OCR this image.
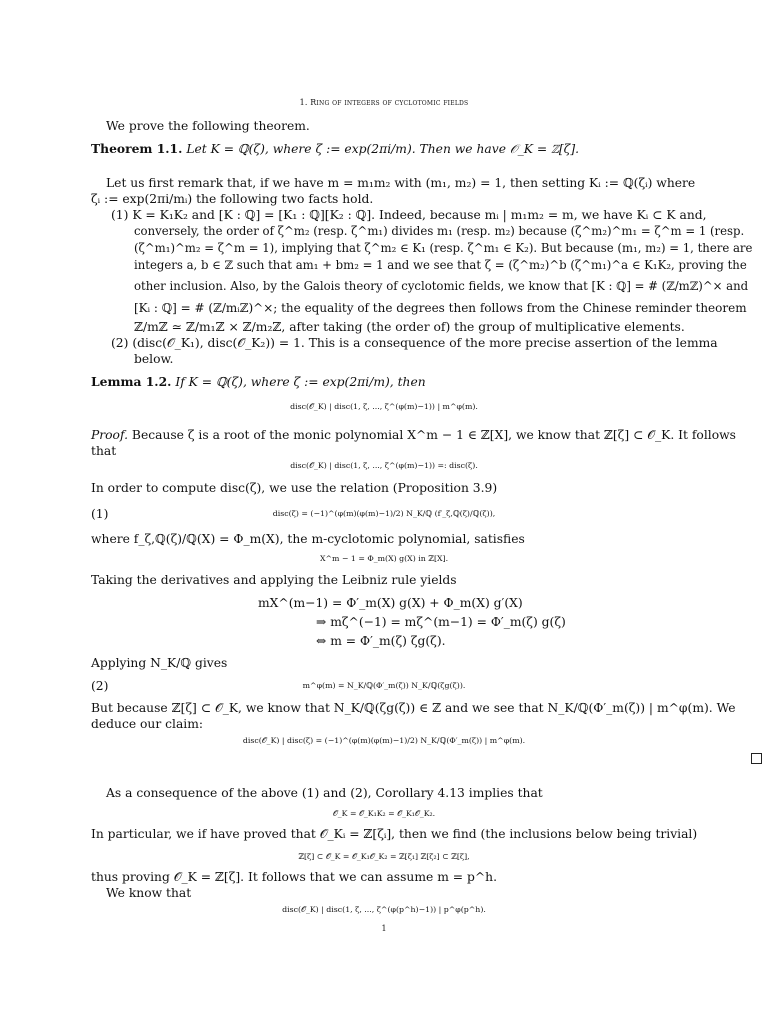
1. Ring of integers of cyclotomic fields
We prove the following theorem.
Theorem 1.1. Let K = ℚ(ζ), where ζ := exp(2πi/m). Then we have 𝒪_K = ℤ[ζ].
Let us first remark that, if we have m = m₁m₂ with (m₁, m₂) = 1, then setting Kᵢ := ℚ(ζᵢ) where
ζᵢ := exp(2πi/mᵢ) the following two facts hold.
(1) K = K₁K₂ and [K : ℚ] = [K₁ : ℚ][K₂ : ℚ]. Indeed, because mᵢ | m₁m₂ = m, we have Kᵢ ⊂ K and,
conversely, the order of ζ^m₂ (resp. ζ^m₁) divides m₁ (resp. m₂) because (ζ^m₂)^m₁ = ζ^m = 1 (resp.
(ζ^m₁)^m₂ = ζ^m = 1), implying that ζ^m₂ ∈ K₁ (resp. ζ^m₁ ∈ K₂). But because (m₁, m₂) = 1, there are
integers a, b ∈ ℤ such that am₁ + bm₂ = 1 and we see that ζ = (ζ^m₂)^b (ζ^m₁)^a ∈ K₁K₂, proving the
other inclusion. Also, by the Galois theory of cyclotomic fields, we know that [K : ℚ] = # (ℤ/mℤ)^× and
[Kᵢ : ℚ] = # (ℤ/mᵢℤ)^×; the equality of the degrees then follows from the Chinese reminder theorem
ℤ/mℤ ≃ ℤ/m₁ℤ × ℤ/m₂ℤ, after taking (the order of) the group of multiplicative elements.
(2) (disc(𝒪_K₁), disc(𝒪_K₂)) = 1. This is a consequence of the more precise assertion of the lemma
below.
Lemma 1.2. If K = ℚ(ζ), where ζ := exp(2πi/m), then
disc(𝒪_K) | disc(1, ζ, ..., ζ^(φ(m)−1)) | m^φ(m).
Proof. Because ζ is a root of the monic polynomial X^m − 1 ∈ ℤ[X], we know that ℤ[ζ] ⊂ 𝒪_K. It follows
that
disc(𝒪_K) | disc(1, ζ, ..., ζ^(φ(m)−1)) =: disc(ζ).
In order to compute disc(ζ), we use the relation (Proposition 3.9)
(1)	disc(ζ) = (−1)^(φ(m)(φ(m)−1)/2) N_K/ℚ (f′_ζ,ℚ(ζ)/ℚ(ζ)),
where f_ζ,ℚ(ζ)/ℚ(X) = Φ_m(X), the m-cyclotomic polynomial, satisfies
X^m − 1 = Φ_m(X) g(X) in ℤ[X].
Taking the derivatives and applying the Leibniz rule yields
mX^(m−1) = Φ′_m(X) g(X) + Φ_m(X) g′(X)
⇒ mζ^(−1) = mζ^(m−1) = Φ′_m(ζ) g(ζ)
⇔ m = Φ′_m(ζ) ζg(ζ).
Applying N_K/ℚ gives
(2)	m^φ(m) = N_K/ℚ(Φ′_m(ζ)) N_K/ℚ(ζg(ζ)).
But because ℤ[ζ] ⊂ 𝒪_K, we know that N_K/ℚ(ζg(ζ)) ∈ ℤ and we see that N_K/ℚ(Φ′_m(ζ)) | m^φ(m). We
deduce our claim:
disc(𝒪_K) | disc(ζ) = (−1)^(φ(m)(φ(m)−1)/2) N_K/ℚ(Φ′_m(ζ)) | m^φ(m).
As a consequence of the above (1) and (2), Corollary 4.13 implies that
𝒪_K = 𝒪_K₁K₂ = 𝒪_K₁𝒪_K₂.
In particular, we if have proved that 𝒪_Kᵢ = ℤ[ζᵢ], then we find (the inclusions below being trivial)
ℤ[ζ] ⊂ 𝒪_K = 𝒪_K₁𝒪_K₂ = ℤ[ζ₁] ℤ[ζ₂] ⊂ ℤ[ζ],
thus proving 𝒪_K = ℤ[ζ]. It follows that we can assume m = p^h.
We know that
disc(𝒪_K) | disc(1, ζ, ..., ζ^(φ(p^h)−1)) | p^φ(p^h).
1
